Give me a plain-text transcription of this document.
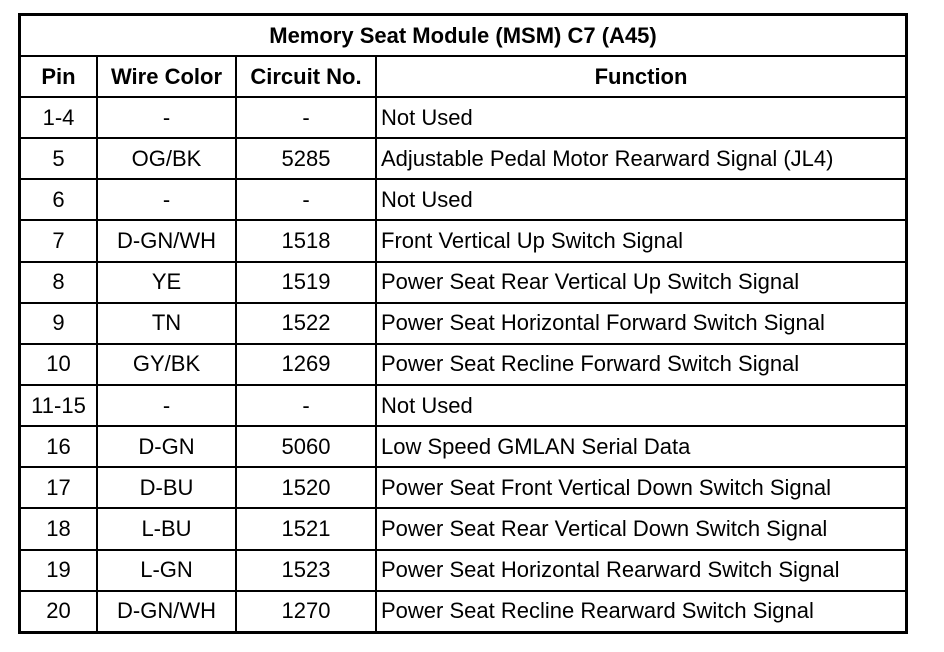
Memory Seat Module (MSM) C7 (A45)			
Pin	Wire Color	Circuit No.	Function
1-4	-	-	Not Used
5	OG/BK	5285	Adjustable Pedal Motor Rearward Signal (JL4)
6	-	-	Not Used
7	D-GN/WH	1518	Front Vertical Up Switch Signal
8	YE	1519	Power Seat Rear Vertical Up Switch Signal
9	TN	1522	Power Seat Horizontal Forward Switch Signal
10	GY/BK	1269	Power Seat Recline Forward Switch Signal
11-15	-	-	Not Used
16	D-GN	5060	Low Speed GMLAN Serial Data
17	D-BU	1520	Power Seat Front Vertical Down Switch Signal
18	L-BU	1521	Power Seat Rear Vertical Down Switch Signal
19	L-GN	1523	Power Seat Horizontal Rearward Switch Signal
20	D-GN/WH	1270	Power Seat Recline Rearward Switch Signal
